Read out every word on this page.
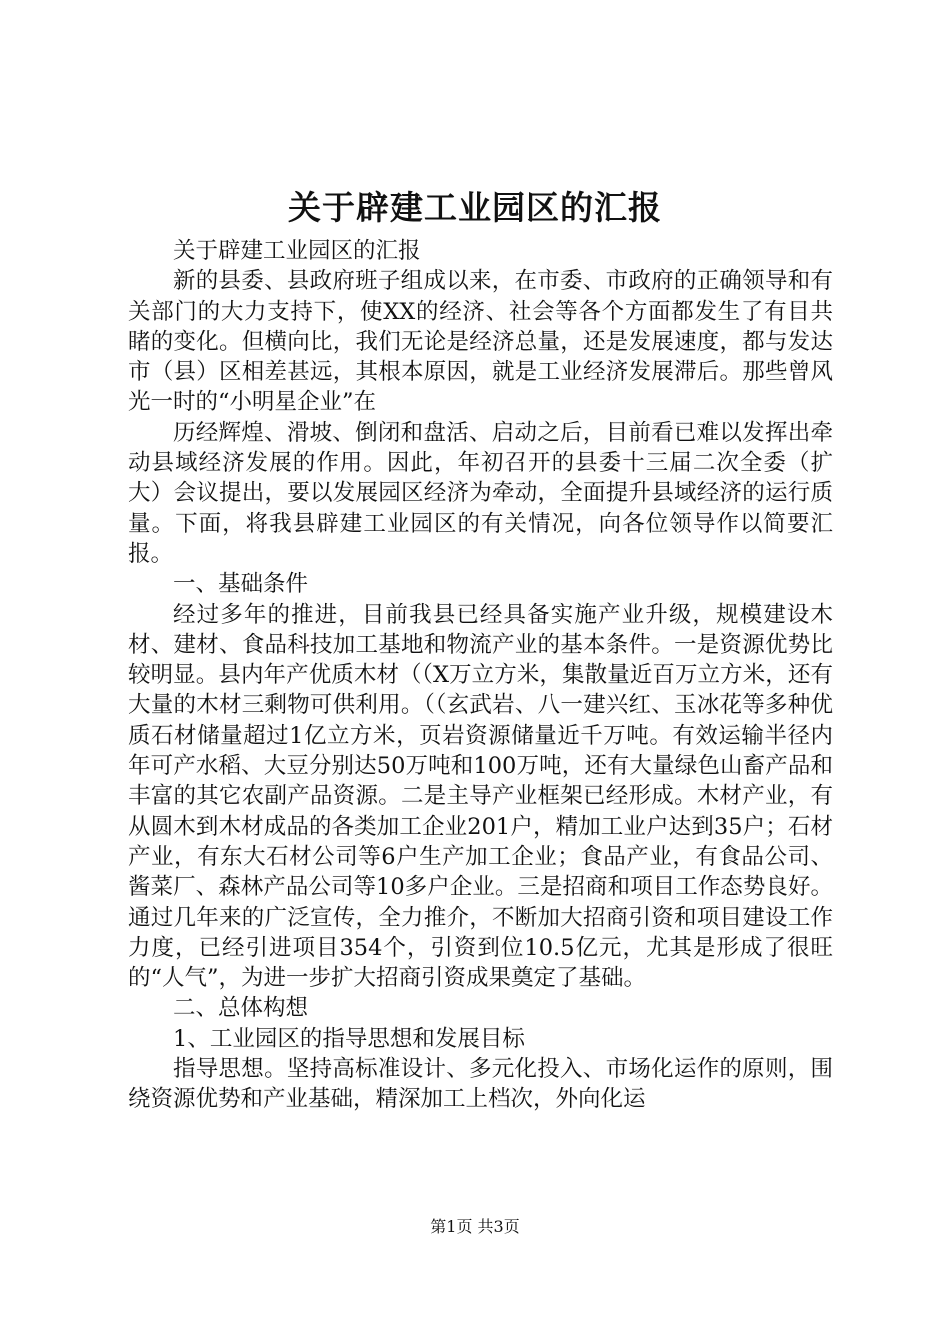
关于辟建工业园区的汇报

关于辟建工业园区的汇报

新的县委、县政府班子组成以来，在市委、市政府的正确领导和有关部门的大力支持下，使XX的经济、社会等各个方面都发生了有目共睹的变化。但横向比，我们无论是经济总量，还是发展速度，都与发达市（县）区相差甚远，其根本原因，就是工业经济发展滞后。那些曾风光一时的“小明星企业”在

历经辉煌、滑坡、倒闭和盘活、启动之后，目前看已难以发挥出牵动县域经济发展的作用。因此，年初召开的县委十三届二次全委（扩大）会议提出，要以发展园区经济为牵动，全面提升县域经济的运行质量。下面，将我县辟建工业园区的有关情况，向各位领导作以简要汇报。

一、基础条件

经过多年的推进，目前我县已经具备实施产业升级，规模建设木材、建材、食品科技加工基地和物流产业的基本条件。一是资源优势比较明显。县内年产优质木材（（X万立方米，集散量近百万立方米，还有大量的木材三剩物可供利用。（（玄武岩、八一建兴红、玉冰花等多种优质石材储量超过1亿立方米，页岩资源储量近千万吨。有效运输半径内年可产水稻、大豆分别达50万吨和100万吨，还有大量绿色山畜产品和丰富的其它农副产品资源。二是主导产业框架已经形成。木材产业，有从圆木到木材成品的各类加工企业201户，精加工业户达到35户；石材产业，有东大石材公司等6户生产加工企业；食品产业，有食品公司、酱菜厂、森林产品公司等10多户企业。三是招商和项目工作态势良好。通过几年来的广泛宣传，全力推介，不断加大招商引资和项目建设工作力度，已经引进项目354个，引资到位10.5亿元，尤其是形成了很旺的“人气”，为进一步扩大招商引资成果奠定了基础。

二、总体构想

1、工业园区的指导思想和发展目标

指导思想。坚持高标准设计、多元化投入、市场化运作的原则，围绕资源优势和产业基础，精深加工上档次，外向化运

第1页 共3页
